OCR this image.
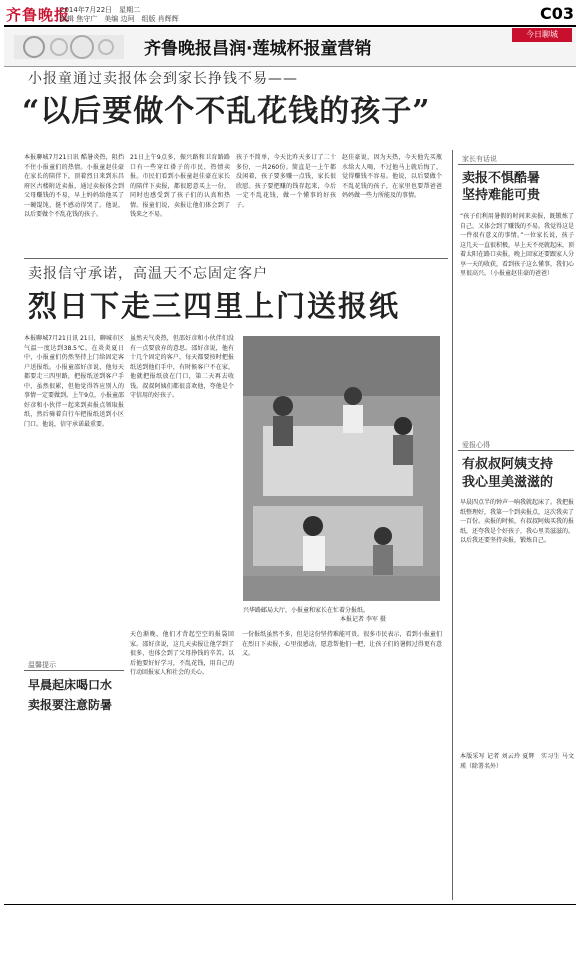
齐鲁晚报
2014年7月22日　星期二
编辑 焦守广　美编 边珂　组版 肖辉辉	C03
齐鲁晚报昌润·莲城杯报童营销
今日聊城
小报童通过卖报体会到家长挣钱不易——
“以后要做个不乱花钱的孩子”
本报聊城7月21日讯 酷暑炎热，阻挡不住小报童们的热情。小报童赵佳豪在家长的陪伴下，顶着烈日来到东昌府区古楼附近卖报，通过卖报体会到父母赚钱的不易，早上妈妈给他买了一碗馄饨，挺不感动得哭了。他说，以后要做个不乱花钱的孩子。
21日上午9点多，振兴路和卫育路路口有一些穿红褂子的市民，热情卖报。市民们看到小报童赵佳豪在家长的陪伴下卖报，都很愿意买上一份，同时也感受到了孩子们的认真和热情。报童们说，卖报让他们体会到了钱来之不易。
孩子不简单，今天比昨天多订了二十多份，一共260份。简直是一上午都没闲着，孩子要多赚一点钱，家长很欣慰。孩子要把赚的钱存起来，今后一定不乱花钱，做一个懂事的好孩子。
赵佳豪说，因为天热，今天他先买瓶水给大人喝，不过他马上就后悔了，觉得赚钱不容易。他说，以后要做个不乱花钱的孩子，在家里也要帮爸爸妈妈做一些力所能及的事情。
家长有话说
卖报不惧酷暑
坚持难能可贵
“孩子们利用暑假的时间来卖报，既锻炼了自己，又体会到了赚钱的不易。我觉得这是一件很有意义的事情。”一位家长说，孩子这几天一直很积极，早上天不亮就起床，顶着太阳在路口卖报，晚上回家还要跟家人分享一天的收获，看到孩子这么懂事，我们心里很高兴。（小报童赵佳豪的爸爸）
卖报信守承诺，高温天不忘固定客户
烈日下走三四里上门送报纸
本报聊城7月21日讯 21日，聊城市区气温一度达到38.5℃。在炎炎夏日中，小报童们仍然坚持上门给固定客户送报纸。小报童邵好彦说，他每天都要走三四里路，把报纸送到客户手中，虽然很累，但他觉得答应别人的事情一定要做到。上午9点，小报童邵好彦和小伙伴一起来到卖报点领取报纸，然后骑着自行车把报纸送到小区门口。他说，信守承诺最重要。
虽然天气炎热，但邵好彦和小伙伴们没有一点要放弃的意思。邵好彦说，他有十几个固定的客户，每天都要按时把报纸送到他们手中，有时候客户不在家，他就把报纸放在门口，第二天再去收钱。叔叔阿姨们都很喜欢他，夸他是个守信用的好孩子。
兴华路邮局大厅，小报童和家长在忙着分报纸。
本报记者 李军 摄
天色渐晚，他们才背起空空的报袋回家。邵好彦说，这几天卖报让他学到了很多，也体会到了父母挣钱的辛苦。以后他要好好学习，不乱花钱，用自己的行动回报家人和社会的关心。
一份报纸虽然不多，但是这份坚持难能可贵。很多市民表示，看到小报童们在烈日下卖报，心里很感动，愿意帮他们一把，让孩子们的暑假过得更有意义。
温馨提示
早晨起床喝口水
卖报要注意防暑
爱报心得
有叔叔阿姨支持
我心里美滋滋的
早晨四点半的钟声一响我就起床了。我把报纸整理好，我第一个到卖报点，这次我卖了一百份。卖报的时候，有叔叔阿姨买我的报纸，还夸我是个好孩子，我心里美滋滋的。以后我还要坚持卖报，锻炼自己。
本版采写 记者 刘云玲 夏辉　实习生 马文瑛（除署名外）
